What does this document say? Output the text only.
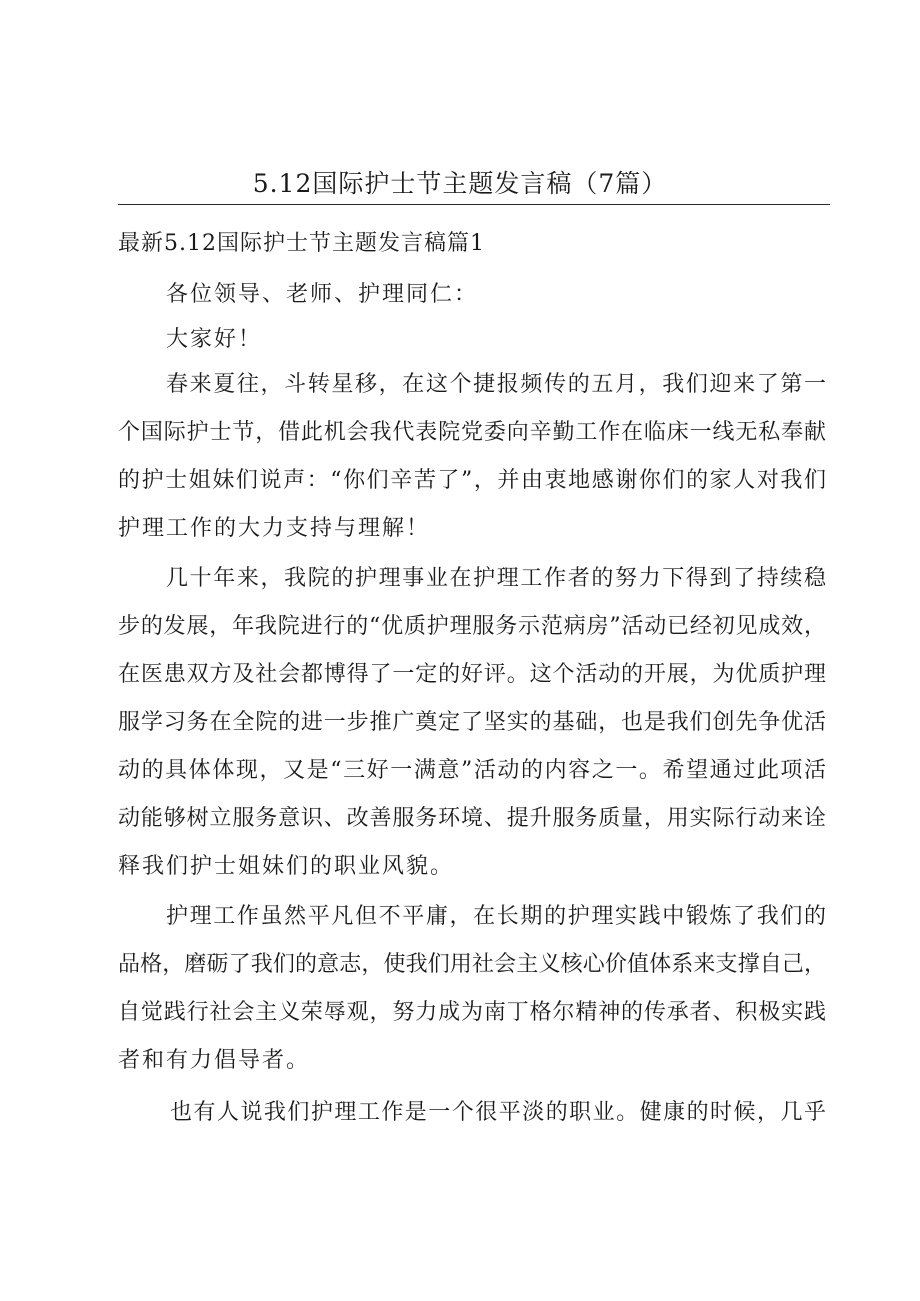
5.12国际护士节主题发言稿（7篇）
最新5.12国际护士节主题发言稿篇1
各位领导、老师、护理同仁：
大家好！
春来夏往，斗转星移，在这个捷报频传的五月，我们迎来了第一
个国际护士节，借此机会我代表院党委向辛勤工作在临床一线无私奉献
的护士姐妹们说声：“你们辛苦了”，并由衷地感谢你们的家人对我们
护理工作的大力支持与理解！
几十年来，我院的护理事业在护理工作者的努力下得到了持续稳
步的发展，年我院进行的“优质护理服务示范病房”活动已经初见成效，
在医患双方及社会都博得了一定的好评。这个活动的开展，为优质护理
服学习务在全院的进一步推广奠定了坚实的基础，也是我们创先争优活
动的具体体现，又是“三好一满意”活动的内容之一。希望通过此项活
动能够树立服务意识、改善服务环境、提升服务质量，用实际行动来诠
释我们护士姐妹们的职业风貌。
护理工作虽然平凡但不平庸，在长期的护理实践中锻炼了我们的
品格，磨砺了我们的意志，使我们用社会主义核心价值体系来支撑自己，
自觉践行社会主义荣辱观，努力成为南丁格尔精神的传承者、积极实践
者和有力倡导者。
也有人说我们护理工作是一个很平淡的职业。健康的时候，几乎
